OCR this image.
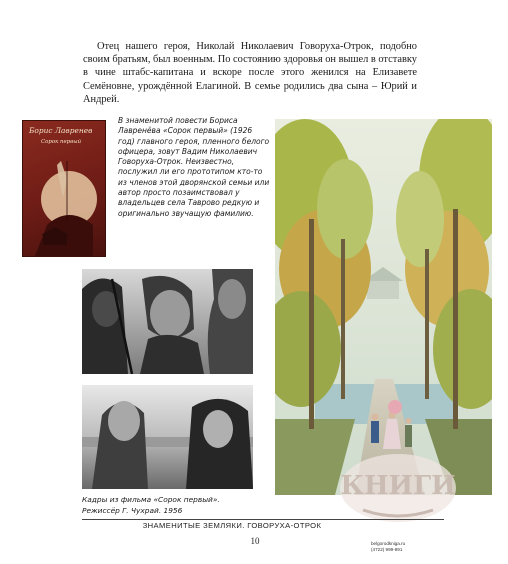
Отец нашего героя, Николай Николаевич Говоруха-Отрок, подобно своим братьям, был военным. По состоянию здоровья он вышел в отставку в чине штабс-капитана и вскоре после этого женился на Елизавете Семёновне, урождённой Елагиной. В семье родились два сына – Юрий и Андрей.

Борис Лавренев
Сорок первый

В знаменитой повести Бориса Лавренёва «Сорок первый» (1926 год) главного героя, пленного белого офицера, зовут Вадим Николаевич Говоруха-Отрок. Неизвестно, послужил ли его прототипом кто-то из членов этой дворянской семьи или автор просто позаимствовал у владельцев села Таврово редкую и оригинально звучащую фамилию.

Кадры из фильма «Сорок первый».
Режиссёр Г. Чухрай. 1956

КНИГИ
belgorodkniga.ru
(4722) 999-891
ЗНАМЕНИТЫЕ ЗЕМЛЯКИ. ГОВОРУХА-ОТРОК
10
